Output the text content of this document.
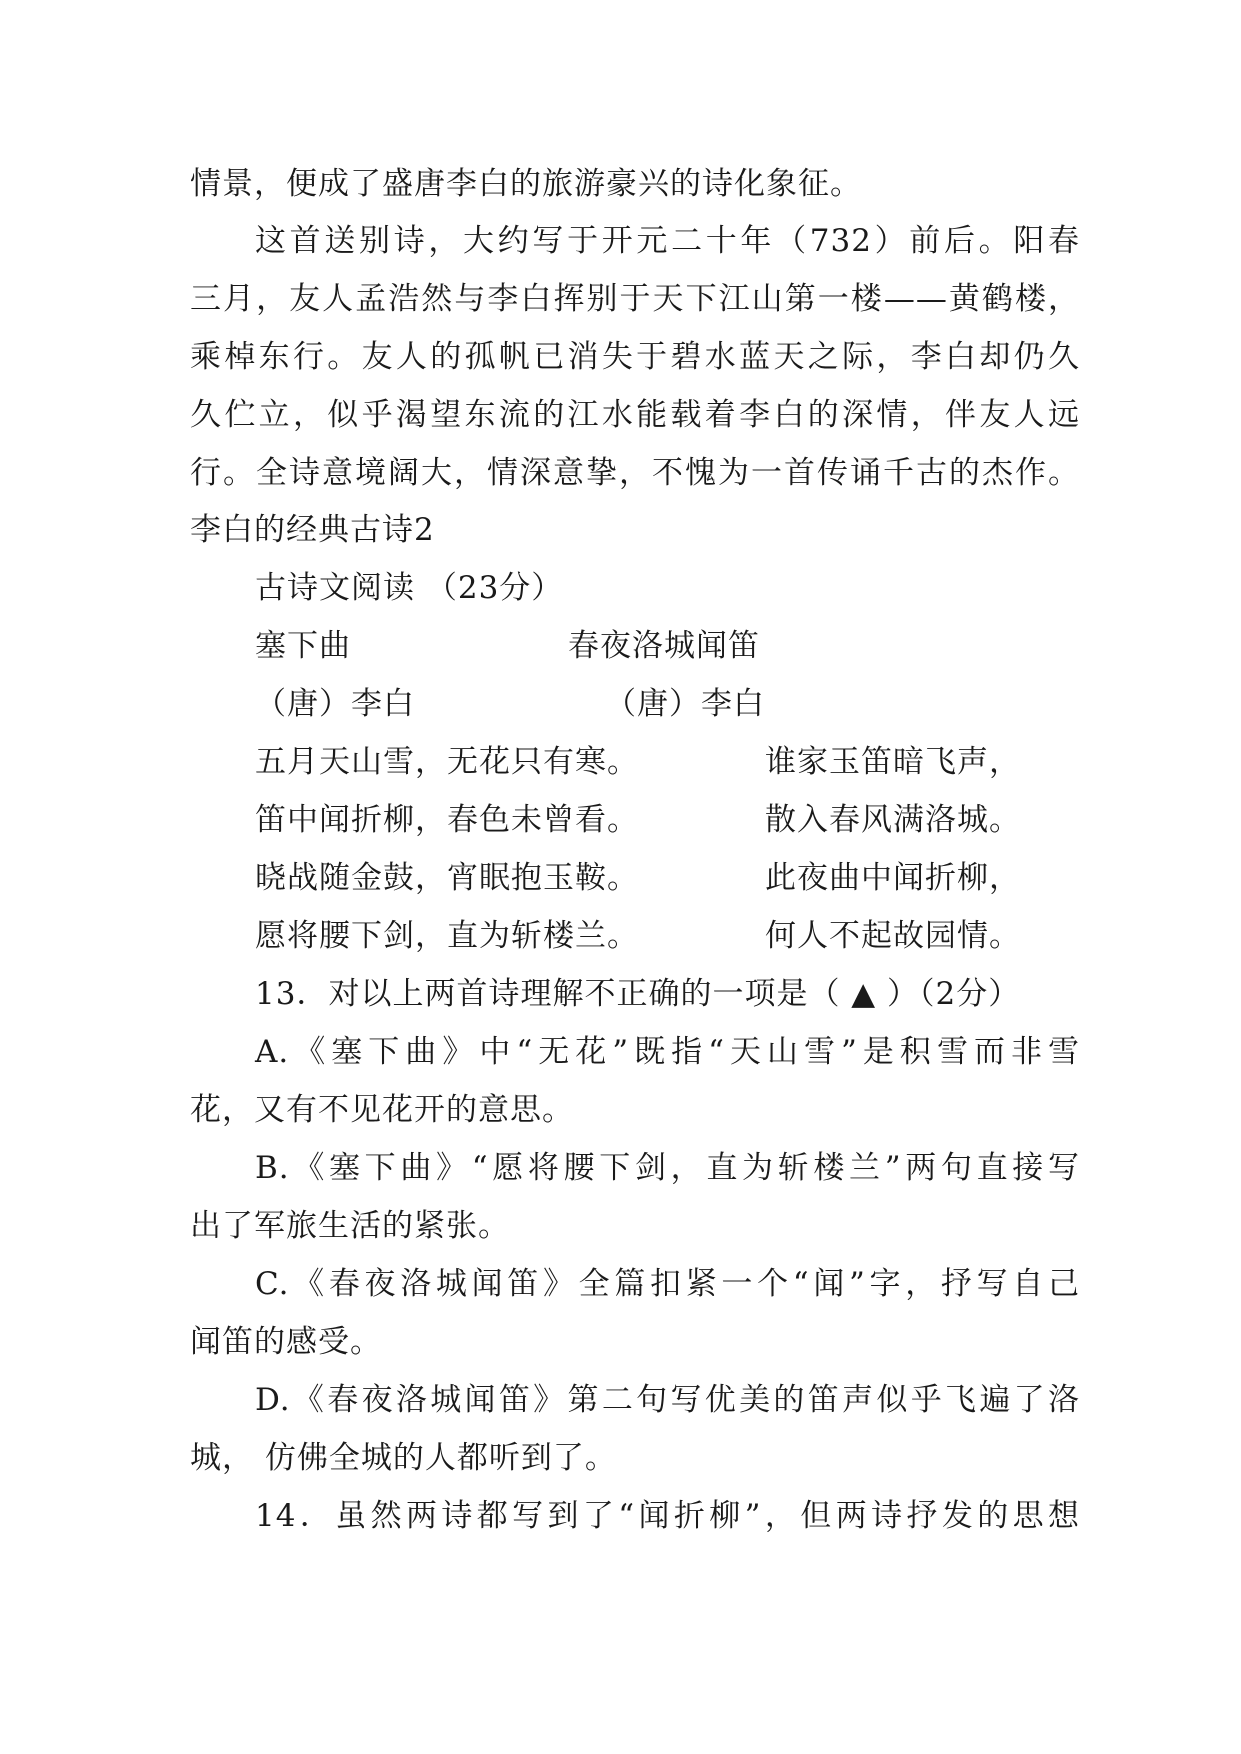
情景，便成了盛唐李白的旅游豪兴的诗化象征。
这首送别诗，大约写于开元二十年（732）前后。阳春
三月，友人孟浩然与李白挥别于天下江山第一楼——黄鹤楼，
乘棹东行。友人的孤帆已消失于碧水蓝天之际，李白却仍久
久伫立，似乎渴望东流的江水能载着李白的深情，伴友人远
行。全诗意境阔大，情深意挚，不愧为一首传诵千古的杰作。
李白的经典古诗2
古诗文阅读 （23分）
塞下曲	春夜洛城闻笛
（唐）李白	（唐）李白
五月天山雪，无花只有寒。	谁家玉笛暗飞声，
笛中闻折柳，春色未曾看。	散入春风满洛城。
晓战随金鼓，宵眠抱玉鞍。	此夜曲中闻折柳，
愿将腰下剑，直为斩楼兰。	何人不起故园情。
13．对以上两首诗理解不正确的一项是（ ▲ ）（2分）
A.《塞下曲》中“无花”既指“天山雪”是积雪而非雪
花，又有不见花开的意思。
B.《塞下曲》“愿将腰下剑，直为斩楼兰”两句直接写
出了军旅生活的紧张。
C.《春夜洛城闻笛》全篇扣紧一个“闻”字，抒写自己
闻笛的感受。
D.《春夜洛城闻笛》第二句写优美的笛声似乎飞遍了洛
城， 仿佛全城的人都听到了。
14．虽然两诗都写到了“闻折柳”，但两诗抒发的思想
